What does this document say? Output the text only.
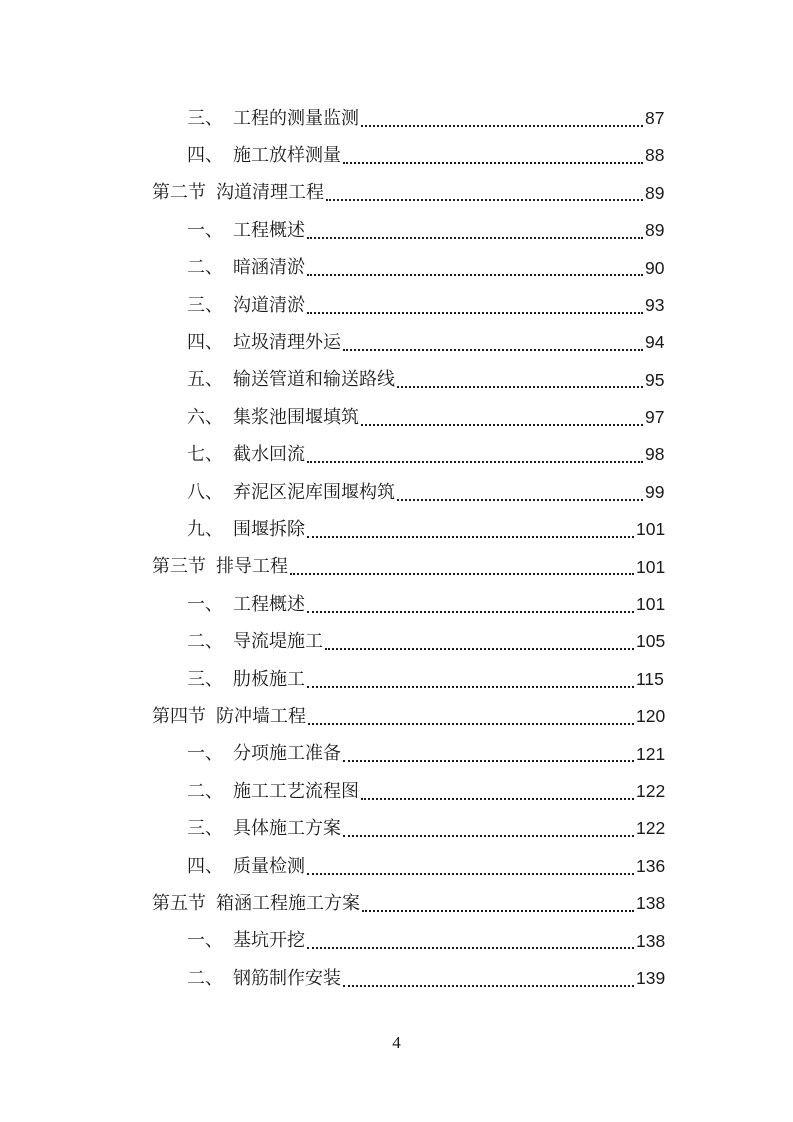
三、 工程的测量监测	87
四、 施工放样测量	88
第二节 沟道清理工程	89
一、 工程概述	89
二、 暗涵清淤	90
三、 沟道清淤	93
四、 垃圾清理外运	94
五、 输送管道和输送路线	95
六、 集浆池围堰填筑	97
七、 截水回流	98
八、 弃泥区泥库围堰构筑	99
九、 围堰拆除	101
第三节 排导工程	101
一、 工程概述	101
二、 导流堤施工	105
三、 肋板施工	115
第四节 防冲墙工程	120
一、 分项施工准备	121
二、 施工工艺流程图	122
三、 具体施工方案	122
四、 质量检测	136
第五节 箱涵工程施工方案	138
一、 基坑开挖	138
二、 钢筋制作安装	139
4
